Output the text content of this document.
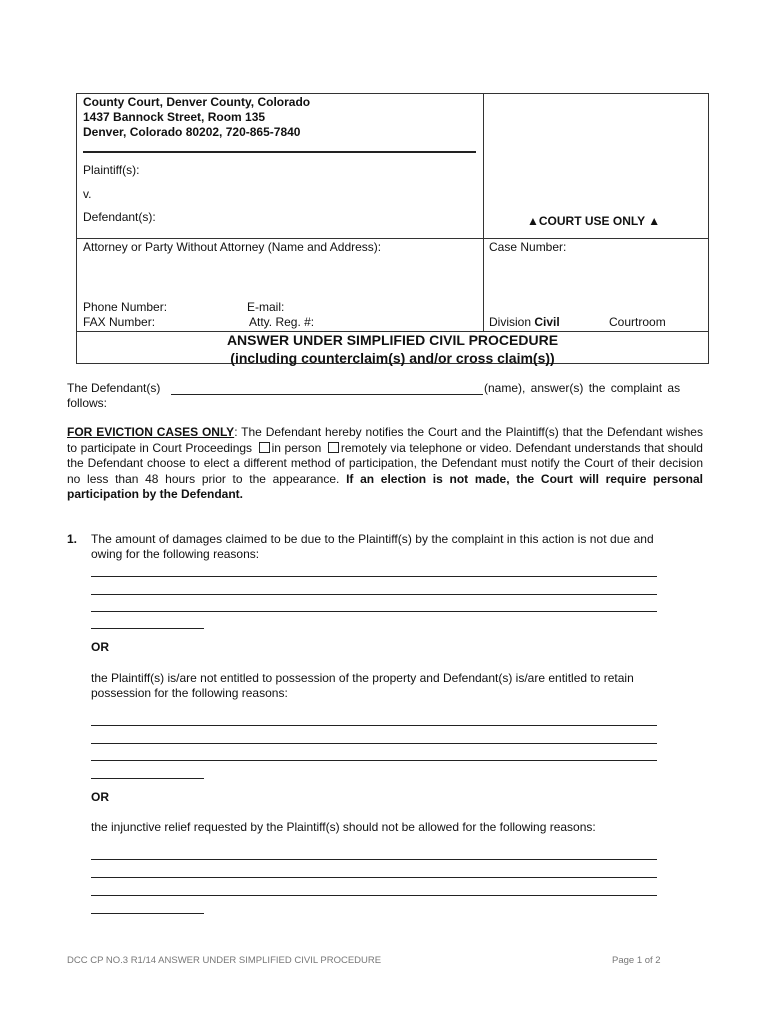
County Court, Denver County, Colorado
1437 Bannock Street, Room 135
Denver, Colorado 80202, 720-865-7840
Plaintiff(s):
v.
Defendant(s):	▲COURT USE ONLY ▲
Attorney or Party Without Attorney (Name and Address):	Case Number:
Phone Number:	E-mail:
FAX Number:	Atty. Reg. #:	Division Civil	Courtroom
ANSWER UNDER SIMPLIFIED CIVIL PROCEDURE
(including counterclaim(s) and/or cross claim(s))
The Defendant(s)	(name), answer(s) the complaint as
follows:
FOR EVICTION CASES ONLY: The Defendant hereby notifies the Court and the Plaintiff(s) that the Defendant wishes to participate in Court Proceedings in person remotely via telephone or video. Defendant understands that should the Defendant choose to elect a different method of participation, the Defendant must notify the Court of their decision no less than 48 hours prior to the appearance. If an election is not made, the Court will require personal participation by the Defendant.
1. The amount of damages claimed to be due to the Plaintiff(s) by the complaint in this action is not due and
owing for the following reasons:
OR
the Plaintiff(s) is/are not entitled to possession of the property and Defendant(s) is/are entitled to retain
possession for the following reasons:
OR
the injunctive relief requested by the Plaintiff(s) should not be allowed for the following reasons:
DCC CP NO.3 R1/14 ANSWER UNDER SIMPLIFIED CIVIL PROCEDURE	Page 1 of 2
